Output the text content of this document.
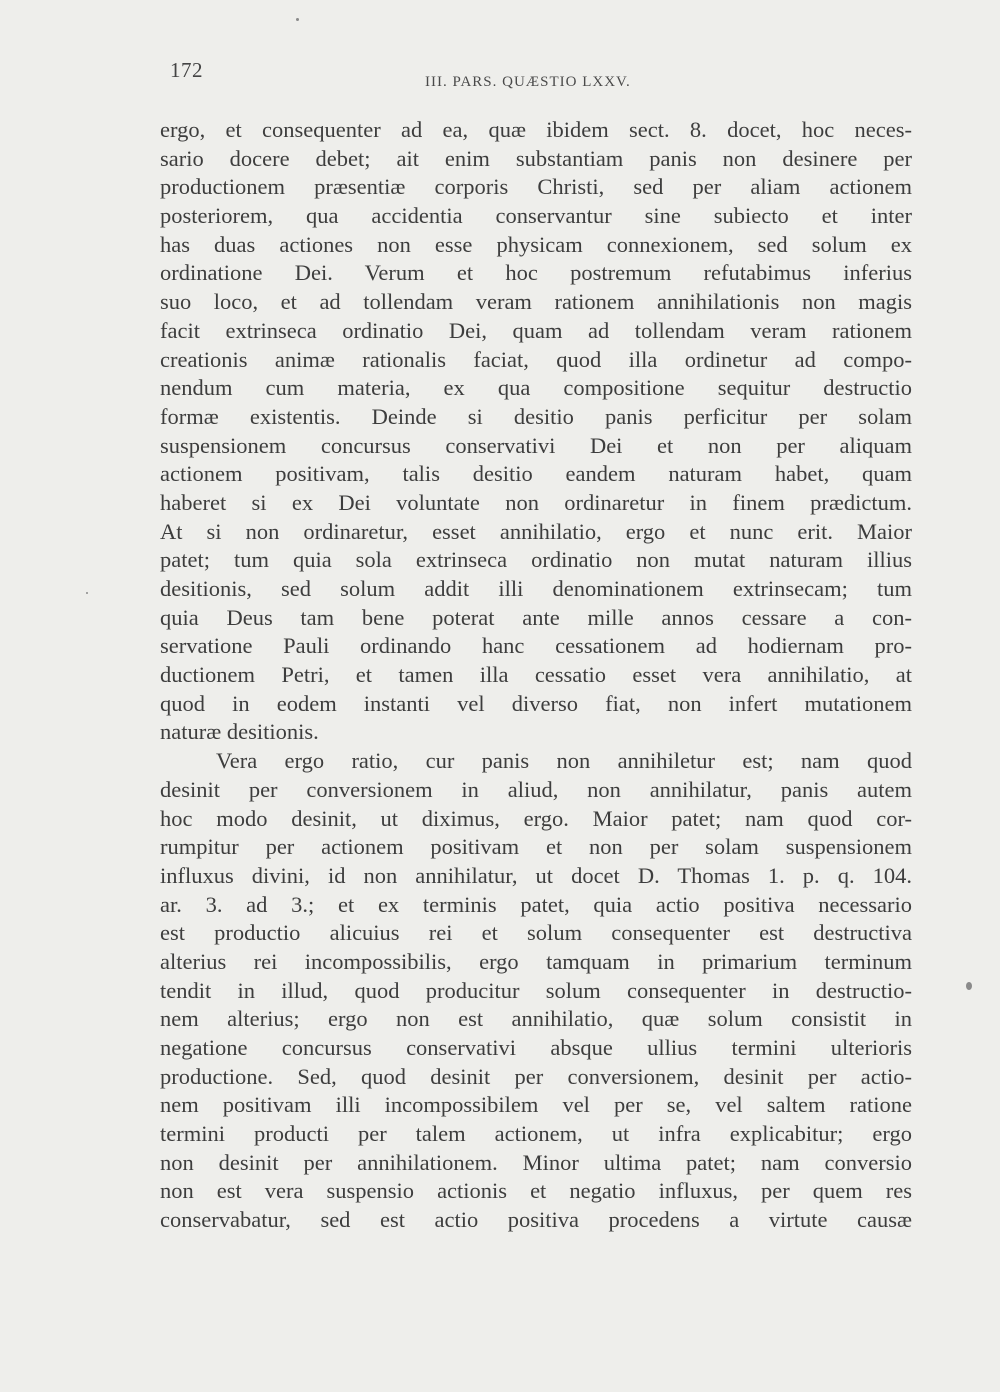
172	III. PARS. QUÆSTIO LXXV.
ergo, et consequenter ad ea, quæ ibidem sect. 8. docet, hoc neces-
sario docere debet; ait enim substantiam panis non desinere per
productionem præsentiæ corporis Christi, sed per aliam actionem
posteriorem, qua accidentia conservantur sine subiecto et inter
has duas actiones non esse physicam connexionem, sed solum ex
ordinatione Dei. Verum et hoc postremum refutabimus inferius
suo loco, et ad tollendam veram rationem annihilationis non magis
facit extrinseca ordinatio Dei, quam ad tollendam veram rationem
creationis animæ rationalis faciat, quod illa ordinetur ad compo-
nendum cum materia, ex qua compositione sequitur destructio
formæ existentis. Deinde si desitio panis perficitur per solam
suspensionem concursus conservativi Dei et non per aliquam
actionem positivam, talis desitio eandem naturam habet, quam
haberet si ex Dei voluntate non ordinaretur in finem prædictum.
At si non ordinaretur, esset annihilatio, ergo et nunc erit. Maior
patet; tum quia sola extrinseca ordinatio non mutat naturam illius
desitionis, sed solum addit illi denominationem extrinsecam; tum
quia Deus tam bene poterat ante mille annos cessare a con-
servatione Pauli ordinando hanc cessationem ad hodiernam pro-
ductionem Petri, et tamen illa cessatio esset vera annihilatio, at
quod in eodem instanti vel diverso fiat, non infert mutationem
naturæ desitionis.
Vera ergo ratio, cur panis non annihiletur est; nam quod
desinit per conversionem in aliud, non annihilatur, panis autem
hoc modo desinit, ut diximus, ergo. Maior patet; nam quod cor-
rumpitur per actionem positivam et non per solam suspensionem
influxus divini, id non annihilatur, ut docet D. Thomas 1. p. q. 104.
ar. 3. ad 3.; et ex terminis patet, quia actio positiva necessario
est productio alicuius rei et solum consequenter est destructiva
alterius rei incompossibilis, ergo tamquam in primarium terminum
tendit in illud, quod producitur solum consequenter in destructio-
nem alterius; ergo non est annihilatio, quæ solum consistit in
negatione concursus conservativi absque ullius termini ulterioris
productione. Sed, quod desinit per conversionem, desinit per actio-
nem positivam illi incompossibilem vel per se, vel saltem ratione
termini producti per talem actionem, ut infra explicabitur; ergo
non desinit per annihilationem. Minor ultima patet; nam conversio
non est vera suspensio actionis et negatio influxus, per quem res
conservabatur, sed est actio positiva procedens a virtute causæ
